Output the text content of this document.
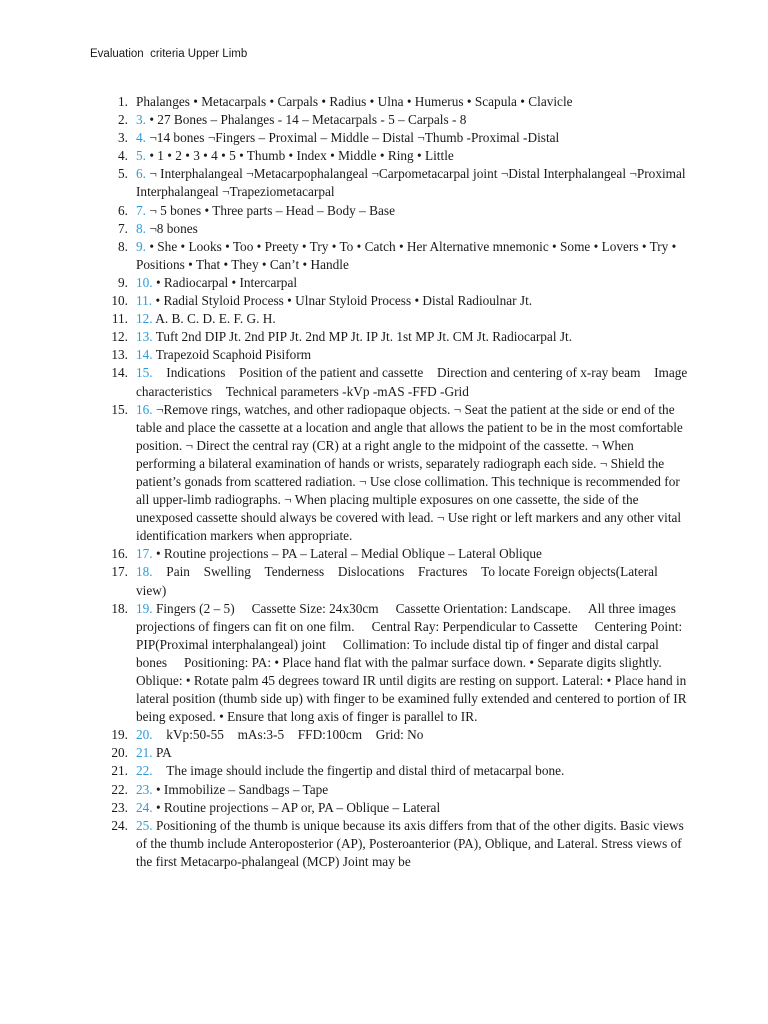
Evaluation  criteria Upper Limb
1. Phalanges • Metacarpals • Carpals • Radius • Ulna • Humerus • Scapula • Clavicle
2. 3. • 27 Bones – Phalanges - 14 – Metacarpals - 5 – Carpals - 8
3. 4. ¬14 bones ¬Fingers – Proximal – Middle – Distal ¬Thumb -Proximal -Distal
4. 5. • 1 • 2 • 3 • 4 • 5 • Thumb • Index • Middle • Ring • Little
5. 6. ¬ Interphalangeal ¬Metacarpophalangeal ¬Carpometacarpal joint ¬Distal Interphalangeal ¬Proximal Interphalangeal ¬Trapeziometacarpal
6. 7. ¬ 5 bones • Three parts – Head – Body – Base
7. 8. ¬8 bones
8. 9. • She • Looks • Too • Preety • Try • To • Catch • Her Alternative mnemonic • Some • Lovers • Try • Positions • That • They • Can’t • Handle
9. 10. • Radiocarpal • Intercarpal
10. 11. • Radial Styloid Process • Ulnar Styloid Process • Distal Radioulnar Jt.
11. 12. A. B. C. D. E. F. G. H.
12. 13. Tuft 2nd DIP Jt. 2nd PIP Jt. 2nd MP Jt. IP Jt. 1st MP Jt. CM Jt. Radiocarpal Jt.
13. 14. Trapezoid Scaphoid Pisiform
14. 15. Indications Position of the patient and cassette Direction and centering of x-ray beam Image characteristics Technical parameters -kVp -mAS -FFD -Grid
15. 16. ¬Remove rings, watches, and other radiopaque objects. ¬ Seat the patient at the side or end of the table and place the cassette at a location and angle that allows the patient to be in the most comfortable position. ¬ Direct the central ray (CR) at a right angle to the midpoint of the cassette. ¬ When performing a bilateral examination of hands or wrists, separately radiograph each side. ¬ Shield the patient’s gonads from scattered radiation. ¬ Use close collimation. This technique is recommended for all upper-limb radiographs. ¬ When placing multiple exposures on one cassette, the side of the unexposed cassette should always be covered with lead. ¬ Use right or left markers and any other vital identification markers when appropriate.
16. 17. • Routine projections – PA – Lateral – Medial Oblique – Lateral Oblique
17. 18. Pain Swelling Tenderness Dislocations Fractures To locate Foreign objects(Lateral view)
18. 19. Fingers (2 – 5) Cassette Size: 24x30cm Cassette Orientation: Landscape. All three images projections of fingers can fit on one film. Central Ray: Perpendicular to Cassette Centering Point: PIP(Proximal interphalangeal) joint Collimation: To include distal tip of finger and distal carpal bones Positioning: PA: • Place hand flat with the palmar surface down. • Separate digits slightly. Oblique: • Rotate palm 45 degrees toward IR until digits are resting on support. Lateral: • Place hand in lateral position (thumb side up) with finger to be examined fully extended and centered to portion of IR being exposed. • Ensure that long axis of finger is parallel to IR.
19. 20. kVp:50-55 mAs:3-5 FFD:100cm Grid: No
20. 21. PA
21. 22. The image should include the fingertip and distal third of metacarpal bone.
22. 23. • Immobilize – Sandbags – Tape
23. 24. • Routine projections – AP or, PA – Oblique – Lateral
24. 25. Positioning of the thumb is unique because its axis differs from that of the other digits. Basic views of the thumb include Anteroposterior (AP), Posteroanterior (PA), Oblique, and Lateral. Stress views of the first Metacarpo-phalangeal (MCP) Joint may be
